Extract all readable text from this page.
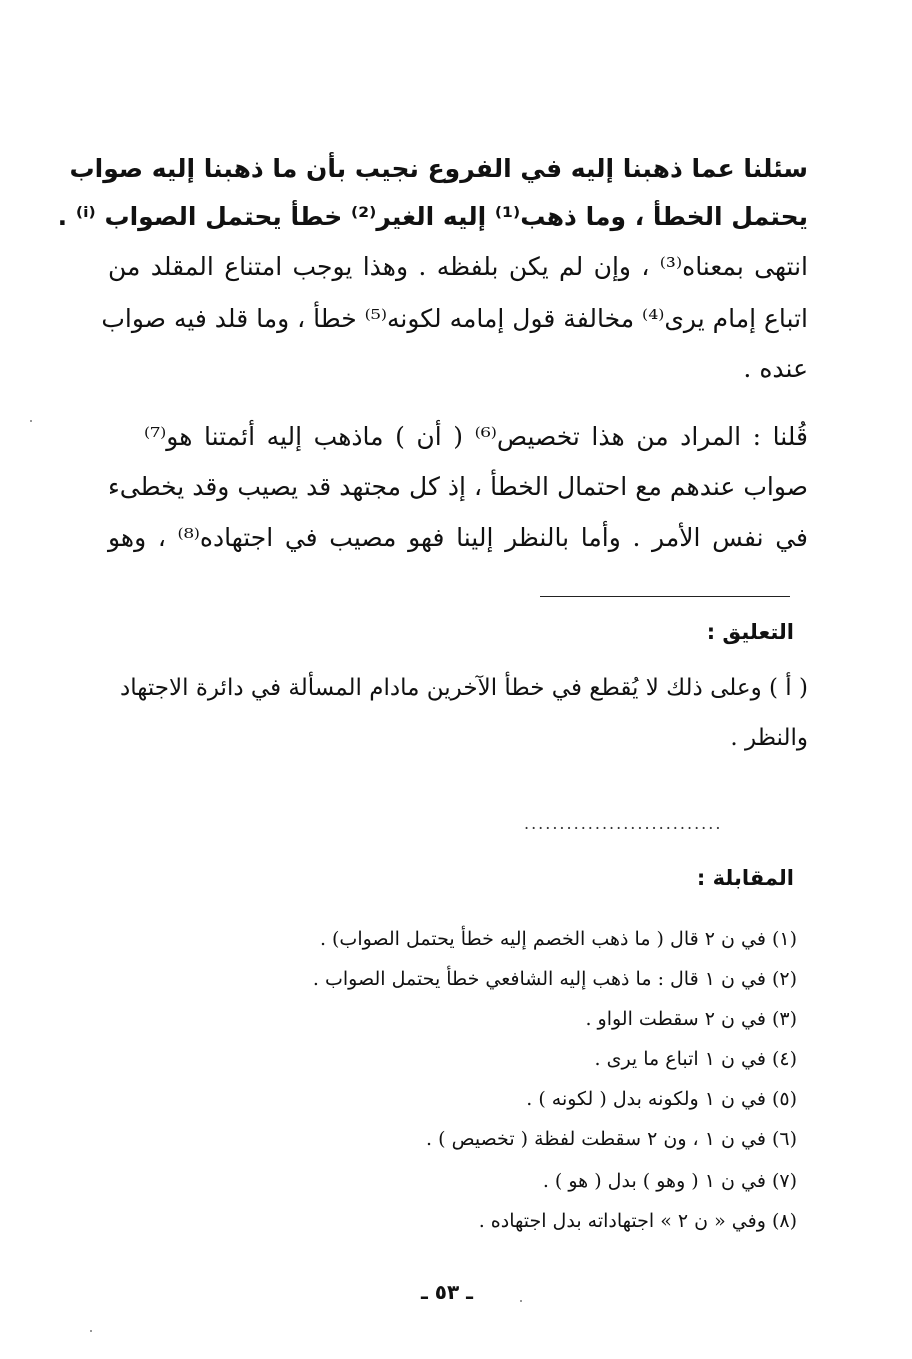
سئلنا عما ذهبنا إليه في الفروع نجيب بأن ما ذهبنا إليه صواب
يحتمل الخطأ ، وما ذهب⁽¹⁾ إليه الغير⁽²⁾ خطأ يحتمل الصواب ⁽ⁱ⁾ .
انتهى بمعناه⁽³⁾ ، وإن لم يكن بلفظه . وهذا يوجب امتناع المقلد من
اتباع إمام يرى⁽⁴⁾ مخالفة قول إمامه لكونه⁽⁵⁾ خطأ ، وما قلد فيه صواب
عنده .
قُلنا : المراد من هذا تخصيص⁽⁶⁾ ( أن ) ماذهب إليه أئمتنا هو⁽⁷⁾
صواب عندهم مع احتمال الخطأ ، إذ كل مجتهد قد يصيب وقد يخطىء
في نفس الأمر . وأما بالنظر إلينا فهو مصيب في اجتهاده⁽⁸⁾ ، وهو
التعليق :
( أ ) وعلى ذلك لا يُقطع في خطأ الآخرين مادام المسألة في دائرة الاجتهاد
والنظر .
............................
المقابلة :
(١) في ن ٢ قال ( ما ذهب الخصم إليه خطأ يحتمل الصواب) .
(٢) في ن ١ قال : ما ذهب إليه الشافعي خطأ يحتمل الصواب .
(٣) في ن ٢ سقطت الواو .
(٤) في ن ١ اتباع ما يرى .
(٥) في ن ١ ولكونه بدل ( لكونه ) .
(٦) في ن ١ ، ون ٢ سقطت لفظة ( تخصيص ) .
(٧) في ن ١ ( وهو ) بدل ( هو ) .
(٨) وفي « ن ٢ » اجتهاداته بدل اجتهاده .
ـ ٥٣ ـ
